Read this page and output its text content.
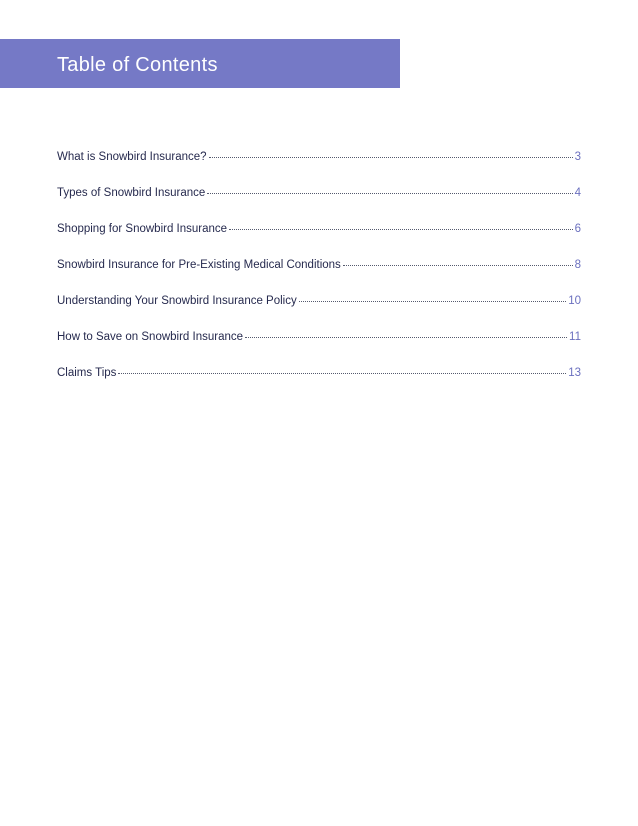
Table of Contents
What is Snowbird Insurance?	3
Types of Snowbird Insurance	4
Shopping for Snowbird Insurance	6
Snowbird Insurance for Pre-Existing Medical Conditions	8
Understanding Your Snowbird Insurance Policy	10
How to Save on Snowbird Insurance	11
Claims Tips	13
